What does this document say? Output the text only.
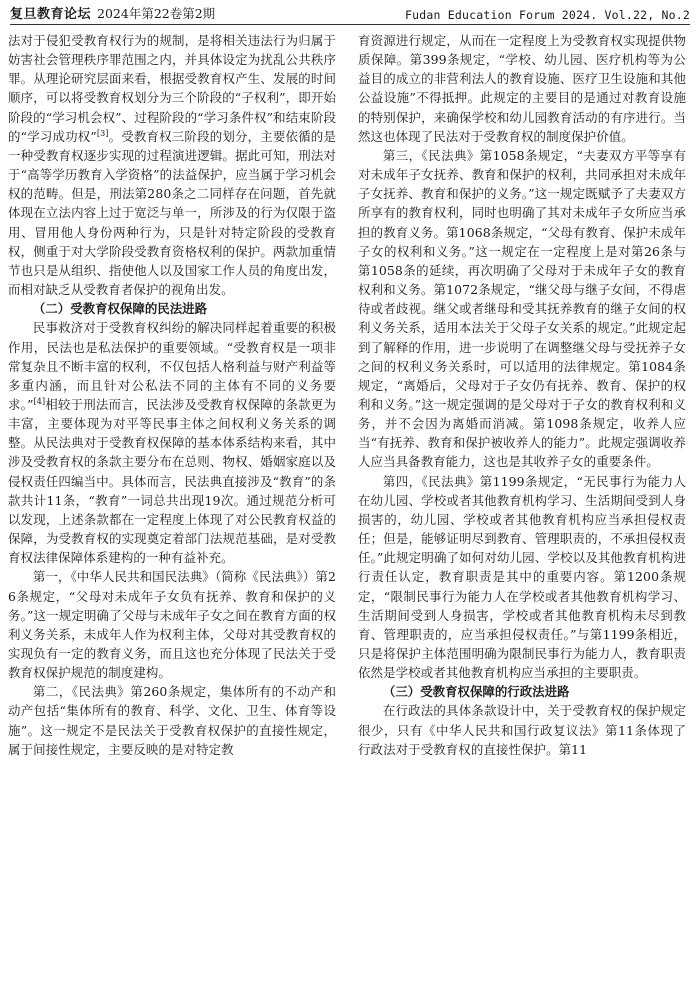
复旦教育论坛 2024年第22卷第2期	Fudan Education Forum 2024. Vol.22, No.2

法对于侵犯受教育权行为的规制，是将相关违法行为归属于妨害社会管理秩序罪范围之内，并具体设定为扰乱公共秩序罪。从理论研究层面来看，根据受教育权产生、发展的时间顺序，可以将受教育权划分为三个阶段的“子权利”，即开始阶段的“学习机会权”、过程阶段的“学习条件权”和结束阶段的“学习成功权”[3]。受教育权三阶段的划分，主要依循的是一种受教育权逐步实现的过程演进逻辑。据此可知，刑法对于“高等学历教育入学资格”的法益保护，应当属于学习机会权的范畴。但是，刑法第280条之二同样存在问题，首先就体现在立法内容上过于宽泛与单一，所涉及的行为仅限于盗用、冒用他人身份两种行为，只是针对特定阶段的受教育权，侧重于对大学阶段受教育资格权利的保护。两款加重情节也只是从组织、指使他人以及国家工作人员的角度出发，而相对缺乏从受教育者保护的视角出发。

（二）受教育权保障的民法进路

民事救济对于受教育权纠纷的解决同样起着重要的积极作用，民法也是私法保护的重要领域。“受教育权是一项非常复杂且不断丰富的权利，不仅包括人格利益与财产利益等多重内涵，而且针对公私法不同的主体有不同的义务要求。”[4]相较于刑法而言，民法涉及受教育权保障的条款更为丰富，主要体现为对平等民事主体之间权利义务关系的调整。从民法典对于受教育权保障的基本体系结构来看，其中涉及受教育权的条款主要分布在总则、物权、婚姻家庭以及侵权责任四编当中。具体而言，民法典直接涉及“教育”的条款共计11条，“教育”一词总共出现19次。通过规范分析可以发现，上述条款都在一定程度上体现了对公民教育权益的保障，为受教育权的实现奠定着部门法规范基础，是对受教育权法律保障体系建构的一种有益补充。

第一，《中华人民共和国民法典》（简称《民法典》）第26条规定，“父母对未成年子女负有抚养、教育和保护的义务。”这一规定明确了父母与未成年子女之间在教育方面的权利义务关系，未成年人作为权利主体，父母对其受教育权的实现负有一定的教育义务，而且这也充分体现了民法关于受教育权保护规范的制度建构。

第二，《民法典》第260条规定，集体所有的不动产和动产包括“集体所有的教育、科学、文化、卫生、体育等设施”。这一规定不是民法关于受教育权保护的直接性规定，属于间接性规定，主要反映的是对特定教

育资源进行规定，从而在一定程度上为受教育权实现提供物质保障。第399条规定，“学校、幼儿园、医疗机构等为公益目的成立的非营利法人的教育设施、医疗卫生设施和其他公益设施”不得抵押。此规定的主要目的是通过对教育设施的特别保护，来确保学校和幼儿园教育活动的有序进行。当然这也体现了民法对于受教育权的制度保护价值。

第三，《民法典》第1058条规定，“夫妻双方平等享有对未成年子女抚养、教育和保护的权利，共同承担对未成年子女抚养、教育和保护的义务。”这一规定既赋予了夫妻双方所享有的教育权利，同时也明确了其对未成年子女所应当承担的教育义务。第1068条规定，“父母有教育、保护未成年子女的权利和义务。”这一规定在一定程度上是对第26条与第1058条的延续，再次明确了父母对于未成年子女的教育权利和义务。第1072条规定，“继父母与继子女间，不得虐待或者歧视。继父或者继母和受其抚养教育的继子女间的权利义务关系，适用本法关于父母子女关系的规定。”此规定起到了解释的作用，进一步说明了在调整继父母与受抚养子女之间的权利义务关系时，可以适用的法律规定。第1084条规定，“离婚后，父母对于子女仍有抚养、教育、保护的权利和义务。”这一规定强调的是父母对于子女的教育权利和义务，并不会因为离婚而消减。第1098条规定，收养人应当“有抚养、教育和保护被收养人的能力”。此规定强调收养人应当具备教育能力，这也是其收养子女的重要条件。

第四，《民法典》第1199条规定，“无民事行为能力人在幼儿园、学校或者其他教育机构学习、生活期间受到人身损害的，幼儿园、学校或者其他教育机构应当承担侵权责任；但是，能够证明尽到教育、管理职责的，不承担侵权责任。”此规定明确了如何对幼儿园、学校以及其他教育机构进行责任认定，教育职责是其中的重要内容。第1200条规定，“限制民事行为能力人在学校或者其他教育机构学习、生活期间受到人身损害，学校或者其他教育机构未尽到教育、管理职责的，应当承担侵权责任。”与第1199条相近，只是将保护主体范围明确为限制民事行为能力人，教育职责依然是学校或者其他教育机构应当承担的主要职责。

（三）受教育权保障的行政法进路

在行政法的具体条款设计中，关于受教育权的保护规定很少，只有《中华人民共和国行政复议法》第11条体现了行政法对于受教育权的直接性保护。第11
